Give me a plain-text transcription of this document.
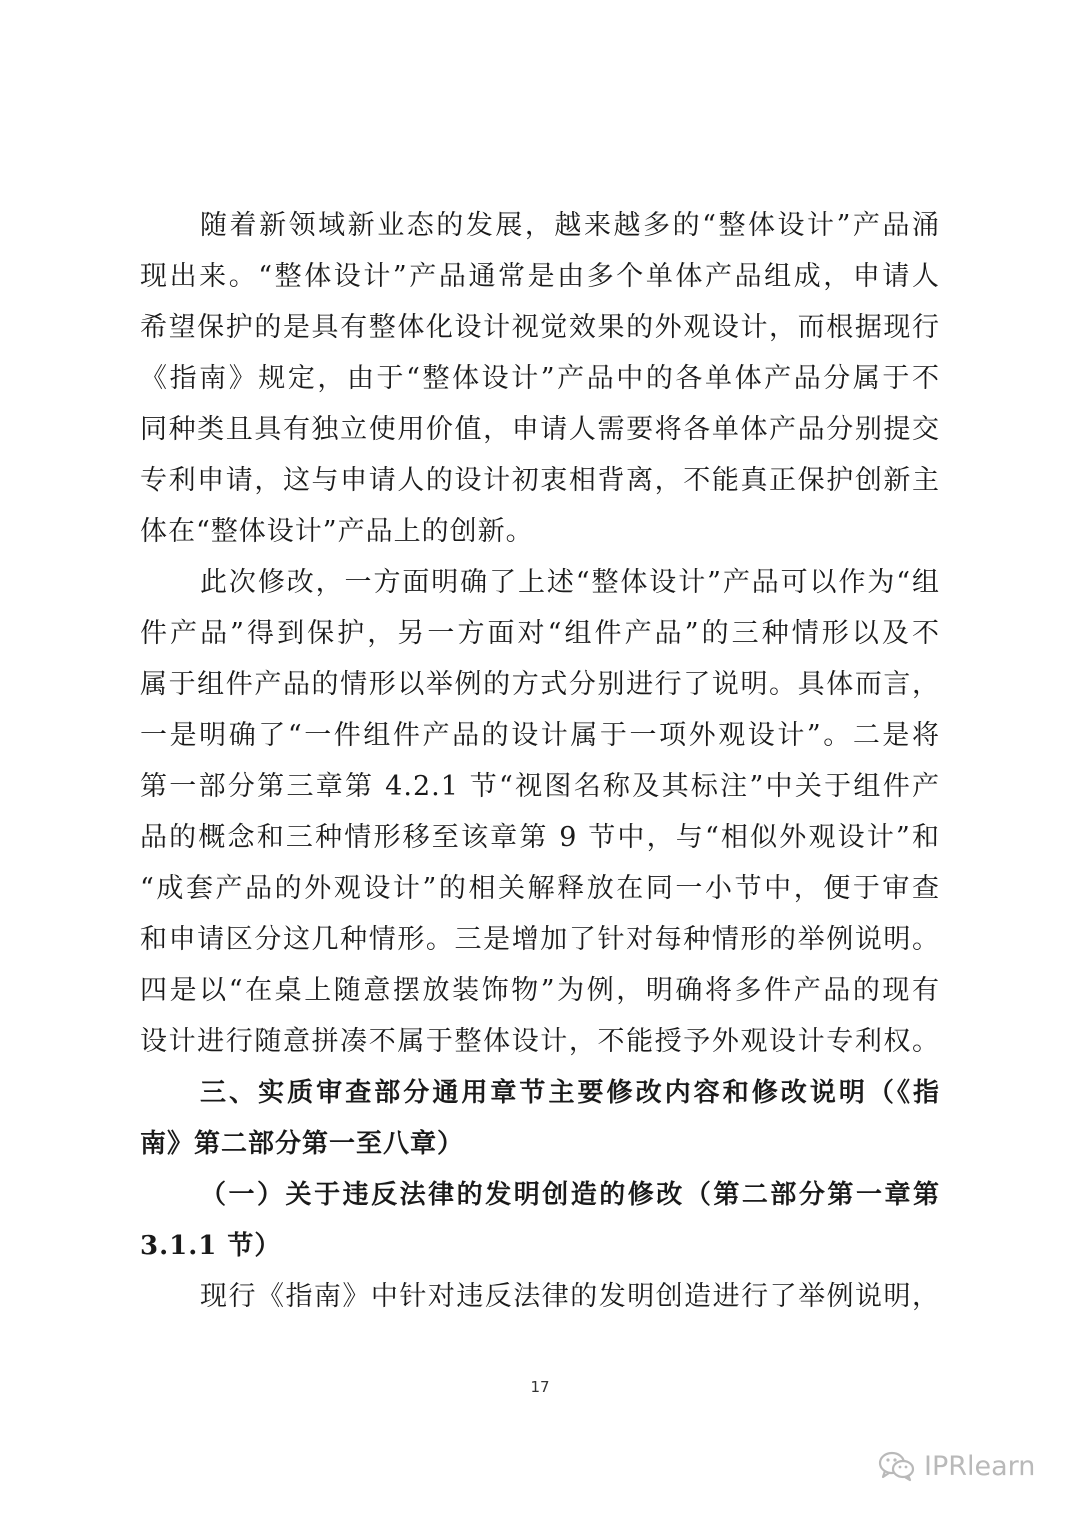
随着新领域新业态的发展，越来越多的“整体设计”产品涌
现出来。“整体设计”产品通常是由多个单体产品组成，申请人
希望保护的是具有整体化设计视觉效果的外观设计，而根据现行
《指南》规定，由于“整体设计”产品中的各单体产品分属于不
同种类且具有独立使用价值，申请人需要将各单体产品分别提交
专利申请，这与申请人的设计初衷相背离，不能真正保护创新主
体在“整体设计”产品上的创新。
此次修改，一方面明确了上述“整体设计”产品可以作为“组
件产品”得到保护，另一方面对“组件产品”的三种情形以及不
属于组件产品的情形以举例的方式分别进行了说明。具体而言，
一是明确了“一件组件产品的设计属于一项外观设计”。二是将
第一部分第三章第 4.2.1 节“视图名称及其标注”中关于组件产
品的概念和三种情形移至该章第 9 节中，与“相似外观设计”和
“成套产品的外观设计”的相关解释放在同一小节中，便于审查
和申请区分这几种情形。三是增加了针对每种情形的举例说明。
四是以“在桌上随意摆放装饰物”为例，明确将多件产品的现有
设计进行随意拼凑不属于整体设计，不能授予外观设计专利权。
三、实质审查部分通用章节主要修改内容和修改说明（《指
南》第二部分第一至八章）
（一）关于违反法律的发明创造的修改（第二部分第一章第
3.1.1 节）
现行《指南》中针对违反法律的发明创造进行了举例说明，
17
IPRlearn
